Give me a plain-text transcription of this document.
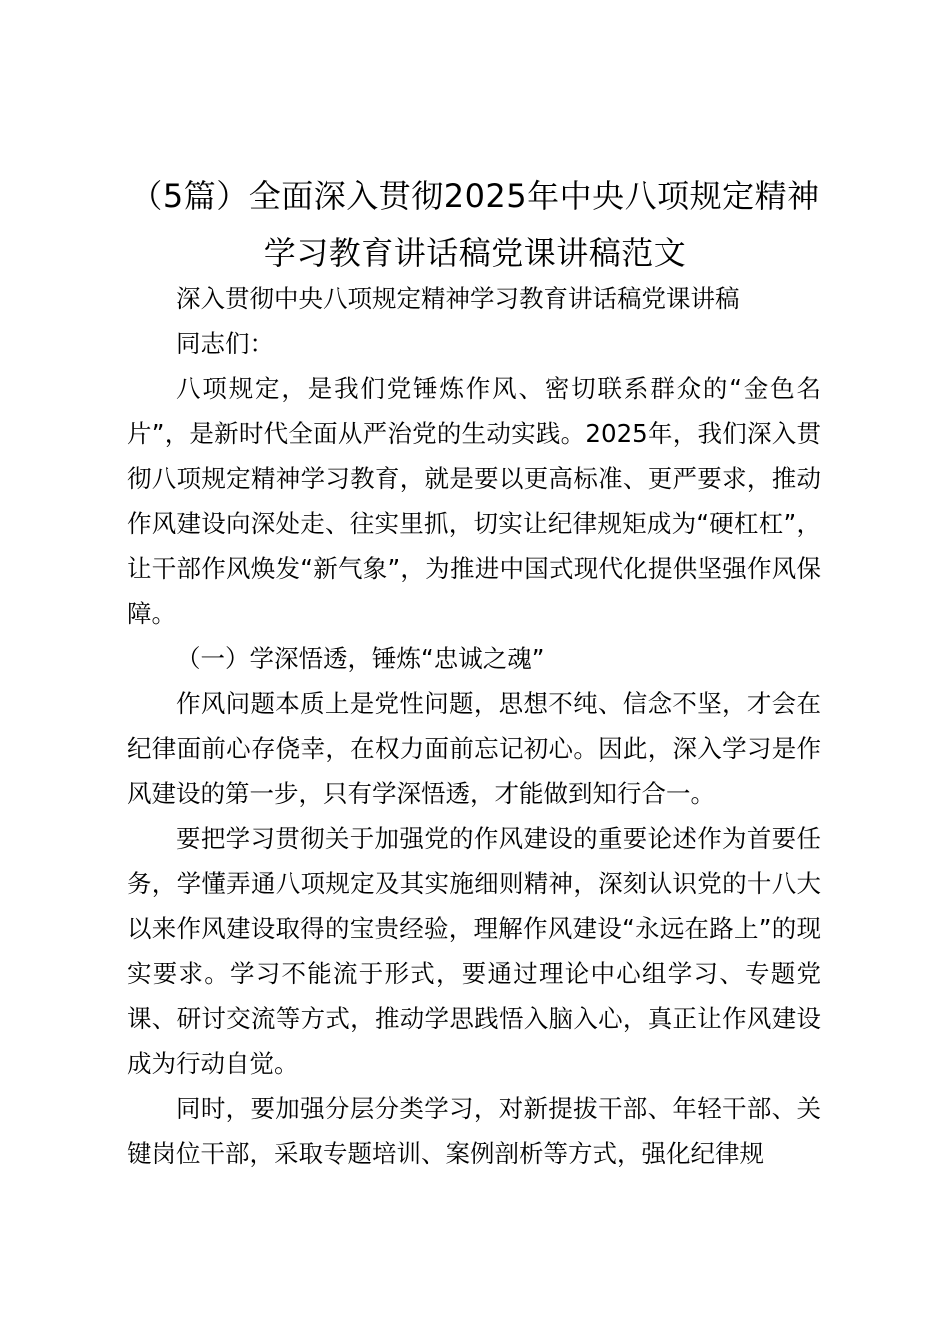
（5篇）全面深入贯彻2025年中央八项规定精神
学习教育讲话稿党课讲稿范文

深入贯彻中央八项规定精神学习教育讲话稿党课讲稿

同志们：

八项规定，是我们党锤炼作风、密切联系群众的“金色名片”，是新时代全面从严治党的生动实践。2025年，我们深入贯彻八项规定精神学习教育，就是要以更高标准、更严要求，推动作风建设向深处走、往实里抓，切实让纪律规矩成为“硬杠杠”，让干部作风焕发“新气象”，为推进中国式现代化提供坚强作风保障。

（一）学深悟透，锤炼“忠诚之魂”

作风问题本质上是党性问题，思想不纯、信念不坚，才会在纪律面前心存侥幸，在权力面前忘记初心。因此，深入学习是作风建设的第一步，只有学深悟透，才能做到知行合一。

要把学习贯彻关于加强党的作风建设的重要论述作为首要任务，学懂弄通八项规定及其实施细则精神，深刻认识党的十八大以来作风建设取得的宝贵经验，理解作风建设“永远在路上”的现实要求。学习不能流于形式，要通过理论中心组学习、专题党课、研讨交流等方式，推动学思践悟入脑入心，真正让作风建设成为行动自觉。

同时，要加强分层分类学习，对新提拔干部、年轻干部、关键岗位干部，采取专题培训、案例剖析等方式，强化纪律规
